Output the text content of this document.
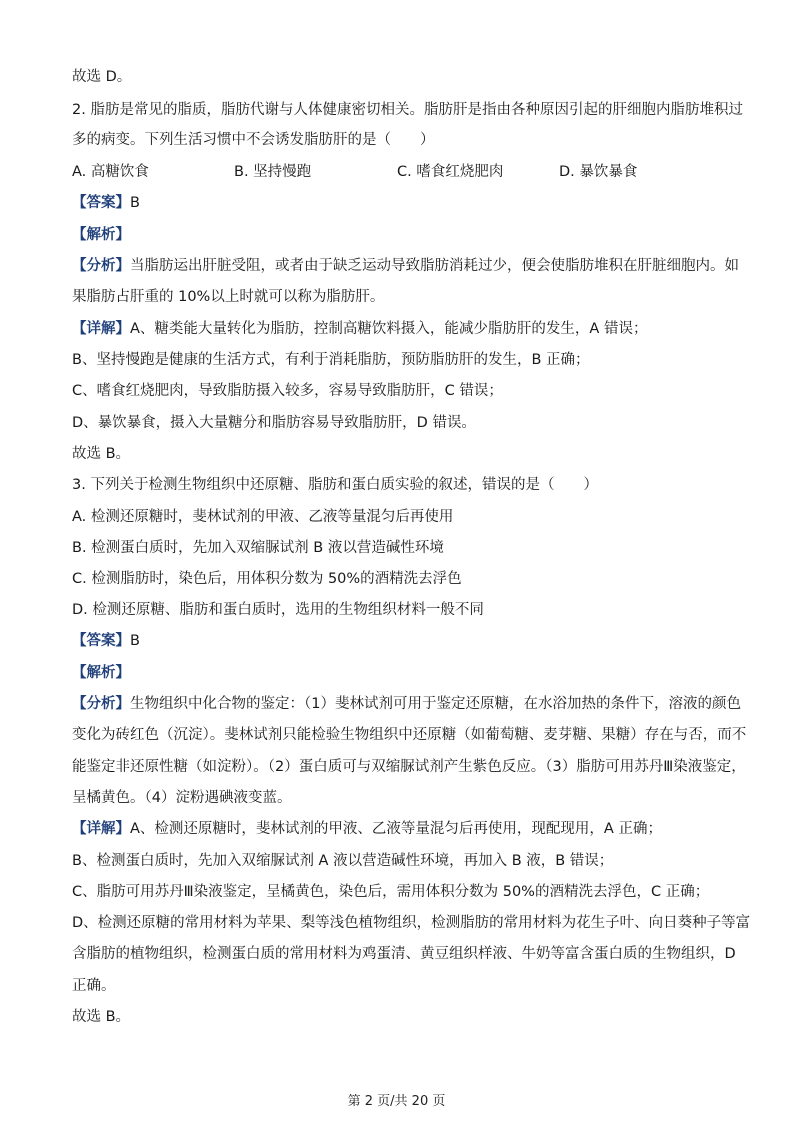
故选 D。
2. 脂肪是常见的脂质，脂肪代谢与人体健康密切相关。脂肪肝是指由各种原因引起的肝细胞内脂肪堆积过
多的病变。下列生活习惯中不会诱发脂肪肝的是（　　）
A. 高糖饮食	B. 坚持慢跑	C. 嗜食红烧肥肉	D. 暴饮暴食
【答案】B
【解析】
【分析】当脂肪运出肝脏受阻，或者由于缺乏运动导致脂肪消耗过少，便会使脂肪堆积在肝脏细胞内。如
果脂肪占肝重的 10%以上时就可以称为脂肪肝。
【详解】A、糖类能大量转化为脂肪，控制高糖饮料摄入，能减少脂肪肝的发生，A 错误；
B、坚持慢跑是健康的生活方式，有利于消耗脂肪，预防脂肪肝的发生，B 正确；
C、嗜食红烧肥肉，导致脂肪摄入较多，容易导致脂肪肝，C 错误；
D、暴饮暴食，摄入大量糖分和脂肪容易导致脂肪肝，D 错误。
故选 B。
3. 下列关于检测生物组织中还原糖、脂肪和蛋白质实验的叙述，错误的是（　　）
A. 检测还原糖时，斐林试剂的甲液、乙液等量混匀后再使用
B. 检测蛋白质时，先加入双缩脲试剂 B 液以营造碱性环境
C. 检测脂肪时，染色后，用体积分数为 50%的酒精洗去浮色
D. 检测还原糖、脂肪和蛋白质时，选用的生物组织材料一般不同
【答案】B
【解析】
【分析】生物组织中化合物的鉴定：（1）斐林试剂可用于鉴定还原糖，在水浴加热的条件下，溶液的颜色
变化为砖红色（沉淀）。斐林试剂只能检验生物组织中还原糖（如葡萄糖、麦芽糖、果糖）存在与否，而不
能鉴定非还原性糖（如淀粉）。（2）蛋白质可与双缩脲试剂产生紫色反应。（3）脂肪可用苏丹Ⅲ染液鉴定，
呈橘黄色。（4）淀粉遇碘液变蓝。
【详解】A、检测还原糖时，斐林试剂的甲液、乙液等量混匀后再使用，现配现用，A 正确；
B、检测蛋白质时，先加入双缩脲试剂 A 液以营造碱性环境，再加入 B 液，B 错误；
C、脂肪可用苏丹Ⅲ染液鉴定，呈橘黄色，染色后，需用体积分数为 50%的酒精洗去浮色，C 正确；
D、检测还原糖的常用材料为苹果、梨等浅色植物组织，检测脂肪的常用材料为花生子叶、向日葵种子等富
含脂肪的植物组织，检测蛋白质的常用材料为鸡蛋清、黄豆组织样液、牛奶等富含蛋白质的生物组织，D
正确。
故选 B。
第 2 页/共 20 页
